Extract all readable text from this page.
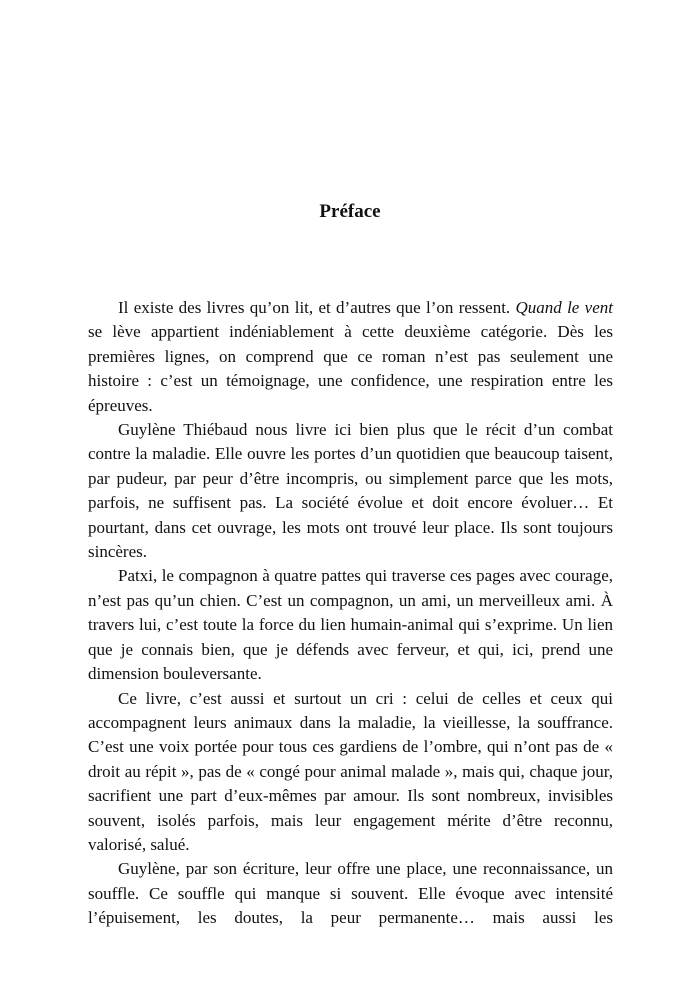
Préface

Il existe des livres qu’on lit, et d’autres que l’on ressent. Quand le vent se lève appartient indéniablement à cette deuxième catégorie. Dès les premières lignes, on comprend que ce roman n’est pas seulement une histoire : c’est un témoignage, une confidence, une respiration entre les épreuves.

Guylène Thiébaud nous livre ici bien plus que le récit d’un combat contre la maladie. Elle ouvre les portes d’un quotidien que beaucoup taisent, par pudeur, par peur d’être incompris, ou simplement parce que les mots, parfois, ne suffisent pas. La société évolue et doit encore évoluer… Et pourtant, dans cet ouvrage, les mots ont trouvé leur place. Ils sont toujours sincères.

Patxi, le compagnon à quatre pattes qui traverse ces pages avec courage, n’est pas qu’un chien. C’est un compagnon, un ami, un merveilleux ami. À travers lui, c’est toute la force du lien humain-animal qui s’exprime. Un lien que je connais bien, que je défends avec ferveur, et qui, ici, prend une dimension bouleversante.

Ce livre, c’est aussi et surtout un cri : celui de celles et ceux qui accompagnent leurs animaux dans la maladie, la vieillesse, la souffrance. C’est une voix portée pour tous ces gardiens de l’ombre, qui n’ont pas de « droit au répit », pas de « congé pour animal malade », mais qui, chaque jour, sacrifient une part d’eux-mêmes par amour. Ils sont nombreux, invisibles souvent, isolés parfois, mais leur engagement mérite d’être reconnu, valorisé, salué.

Guylène, par son écriture, leur offre une place, une reconnaissance, un souffle. Ce souffle qui manque si souvent. Elle évoque avec intensité l’épuisement, les doutes, la peur permanente… mais aussi les
